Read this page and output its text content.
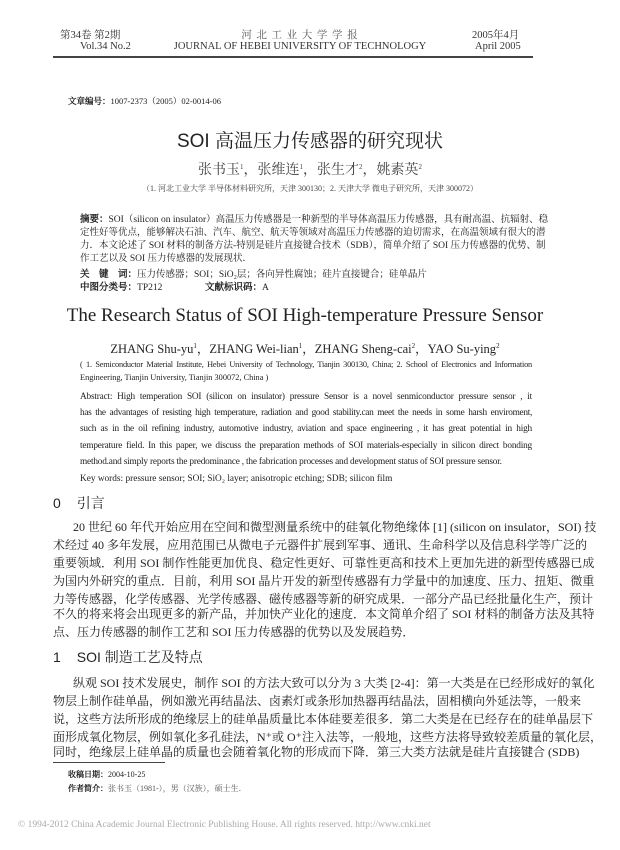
第34卷 第2期
Vol.34 No.2
河 北 工 业 大 学 学 报
JOURNAL OF HEBEI UNIVERSITY OF TECHNOLOGY
2005年4月
April 2005
文章编号：1007-2373（2005）02-0014-06
SOI 高温压力传感器的研究现状
张书玉$^1$，张维连$^1$，张生才$^2$，姚素英$^2$
（1. 河北工业大学 半导体材料研究所，天津 300130；2. 天津大学 微电子研究所，天津 300072）
摘要：SOI（silicon on insulator）高温压力传感器是一种新型的半导体高温压力传感器，具有耐高温、抗辐射、稳
定性好等优点，能够解决石油、汽车、航空、航天等领域对高温压力传感器的迫切需求，在高温领域有很大的潜
力．本文论述了 SOI 材料的制备方法-特别是硅片直接键合技术（SDB），简单介绍了 SOI 压力传感器的优势、制
作工艺以及 SOI 压力传感器的发展现状．
关　键　词：压力传感器；SOI；SiO₂层；各向异性腐蚀；硅片直接键合；硅单晶片
中图分类号：TP212	文献标识码：A
The Research Status of SOI High-temperature Pressure Sensor
ZHANG Shu-$yu^1$，ZHANG Wei-lian$^1$，ZHANG Sheng-cai$^2$，YAO Su-ying$^2$
( 1. Semiconductor Material Institute, Hebei University of Technology, Tianjin 300130, China; 2. School of Electronics and Information
Engineering, Tianjin University, Tianjin 300072, China )
Abstract: High temperation SOI (silicon on insulator) pressure Sensor is a novel senmiconductor pressure sensor , it
has the advantages of resisting high temperature, radiation and good stability.can meet the needs in some harsh enviroment,
such as in the oil refining industry, automotive industry, aviation and space engineering , it has great potential in high
temperature field. In this paper, we discuss the preparation methods of SOI materials-especially in silicon direct bonding
method.and simply reports the predominance , the fabrication processes and development status of SOI pressure sensor.
Key words: pressure sensor; SOI; SiO₂ layer; anisotropic etching; SDB; silicon film
0 引言
20 世纪 60 年代开始应用在空间和微型测量系统中的硅氧化物绝缘体 [1] (silicon on insulator，SOI) 技
术经过 40 多年发展，应用范围已从微电子元器件扩展到军事、通讯、生命科学以及信息科学等广泛的
重要领域．利用 SOI 制作性能更加优良、稳定性更好、可靠性更高和技术上更加先进的新型传感器已成
为国内外研究的重点．目前，利用 SOI 晶片开发的新型传感器有力学量中的加速度、压力、扭矩、微重
力等传感器，化学传感器、光学传感器、磁传感器等新的研究成果．一部分产品已经批量化生产，预计
不久的将来将会出现更多的新产品，并加快产业化的速度．本文简单介绍了 SOI 材料的制备方法及其特
点、压力传感器的制作工艺和 SOI 压力传感器的优势以及发展趋势．
1 SOI 制造工艺及特点
纵观 SOI 技术发展史，制作 SOI 的方法大致可以分为 3 大类 [2-4]：第一大类是在已经形成好的氧化
物层上制作硅单晶，例如激光再结晶法、卤素灯或条形加热器再结晶法，固相横向外延法等，一般来
说，这些方法所形成的绝缘层上的硅单晶质量比本体硅要差很多．第二大类是在已经存在的硅单晶层下
面形成氧化物层，例如氧化多孔硅法，N⁺或 O⁺注入法等，一般地，这些方法将导致较差质量的氧化层，
同时，绝缘层上硅单晶的质量也会随着氧化物的形成而下降．第三大类方法就是硅片直接键合 (SDB)
收稿日期：2004-10-25
作者简介：张书玉（1981-），男（汉族），硕士生．
© 1994-2012 China Academic Journal Electronic Publishing House. All rights reserved. http://www.cnki.net
